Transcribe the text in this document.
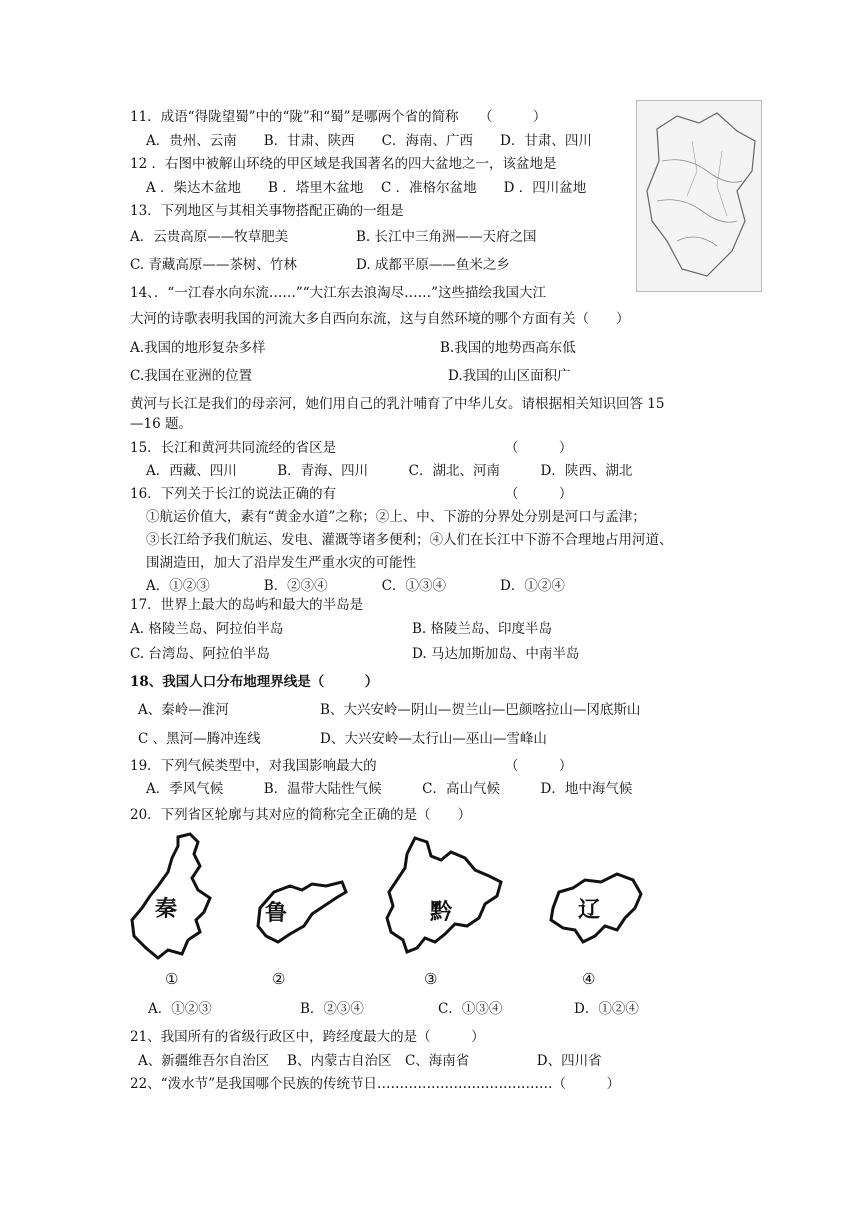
11．成语“得陇望蜀”中的“陇”和“蜀”是哪两个省的简称　　（　　　）
A．贵州、云南　　B．甘肃、陕西　　C．海南、广西　　D．甘肃、四川
12 ．右图中被解山环绕的甲区域是我国著名的四大盆地之一，该盆地是
A ．柴达木盆地　　B ．塔里木盆地　 C ．准格尔盆地　　D ．四川盆地
13．下列地区与其相关事物搭配正确的一组是
A．云贵高原——牧草肥美	B. 长江中三角洲——天府之国
C. 青藏高原——茶树、竹林	D. 成都平原——鱼米之乡
14、．“一江春水向东流……”“大江东去浪淘尽……”这些描绘我国大江
大河的诗歌表明我国的河流大多自西向东流，这与自然环境的哪个方面有关（　　）
A.我国的地形复杂多样	B.我国的地势西高东低
C.我国在亚洲的位置	D.我国的山区面积广
黄河与长江是我们的母亲河，她们用自己的乳汁哺育了中华儿女。请根据相关知识回答 15
—16 题。
15．长江和黄河共同流经的省区是　　　　　　　　　　　　　（　　　）
A．西藏、四川　　　B．青海、四川　　　C．湖北、河南　　　D．陕西、湖北
16．下列关于长江的说法正确的有　　　　　　　　　　　　　（　　　）
①航运价值大，素有“黄金水道”之称；②上、中、下游的分界处分别是河口与孟津；
③长江给予我们航运、发电、灌溉等诸多便利；④人们在长江中下游不合理地占用河道、
围湖造田，加大了沿岸发生严重水灾的可能性
A．①②③　　　　B．②③④　　　　C．①③④　　　　D．①②④
17．世界上最大的岛屿和最大的半岛是
A. 格陵兰岛、阿拉伯半岛	B. 格陵兰岛、印度半岛
C. 台湾岛、阿拉伯半岛	D. 马达加斯加岛、中南半岛
18、我国人口分布地理界线是（　　　）
A、秦岭—淮河	B、大兴安岭—阴山—贺兰山—巴颜喀拉山—冈底斯山
C 、黑河—腾冲连线	D、大兴安岭—太行山—巫山—雪峰山
19．下列气候类型中，对我国影响最大的　　　　　　　　　　（　　　）
A．季风气候　　　B．温带大陆性气候　　　C．高山气候　　　D．地中海气候
20．下列省区轮廓与其对应的简称完全正确的是（　　）
秦	鲁	黔	辽
①	②	③	④
A．①②③	B．②③④	C．①③④	D．①②④
21、我国所有的省级行政区中，跨经度最大的是（　　　）
A、新疆维吾尔自治区　 B、内蒙古自治区　C、海南省　　　　　D、四川省
22、“泼水节”是我国哪个民族的传统节日…………………………………（　　　）
